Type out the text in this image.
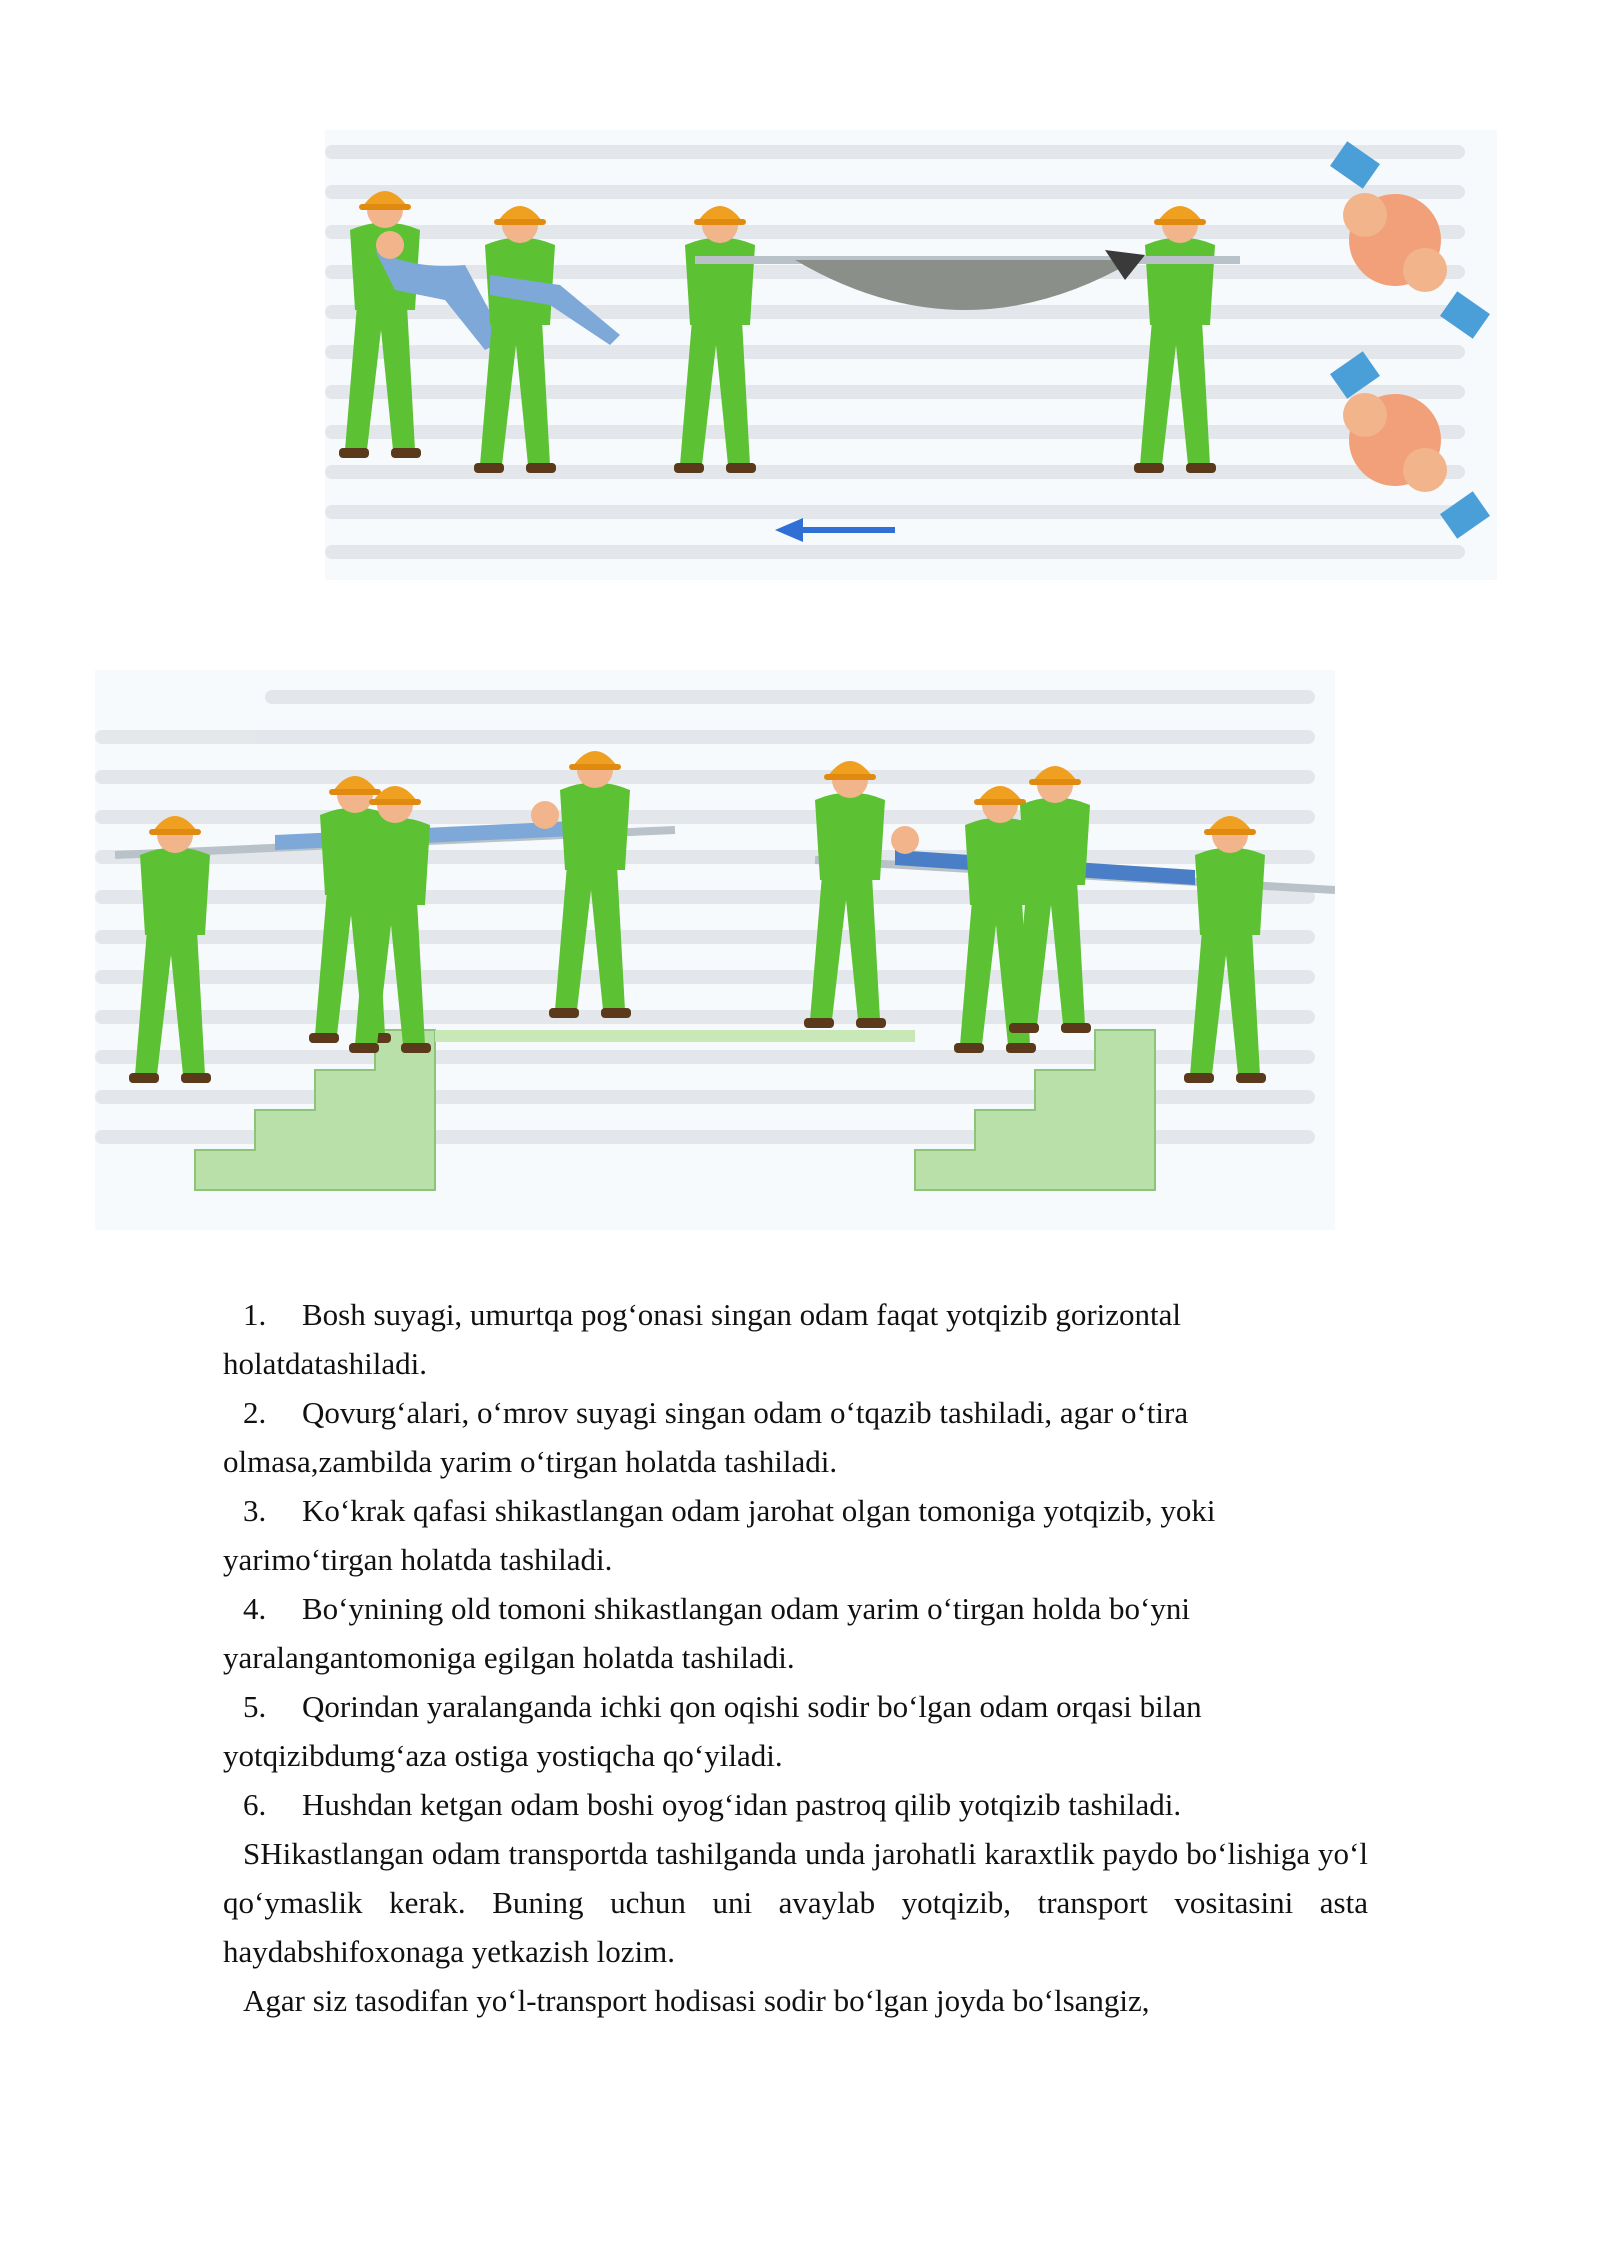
1. Bosh suyagi, umurtqa pog‘onasi singan odam faqat yotqizib gorizontal
holatdatashiladi.
2. Qovurg‘alari, o‘mrov suyagi singan odam o‘tqazib tashiladi, agar o‘tira
olmasa,zambilda yarim o‘tirgan holatda tashiladi.
3. Ko‘krak qafasi shikastlangan odam jarohat olgan tomoniga yotqizib, yoki
yarimo‘tirgan holatda tashiladi.
4. Bo‘ynining old tomoni shikastlangan odam yarim o‘tirgan holda bo‘yni
yaralangantomoniga egilgan holatda tashiladi.
5. Qorindan yaralanganda ichki qon oqishi sodir bo‘lgan odam orqasi bilan
yotqizibdumg‘aza ostiga yostiqcha qo‘yiladi.
6. Hushdan ketgan odam boshi oyog‘idan pastroq qilib yotqizib tashiladi.

SHikastlangan odam transportda tashilganda unda jarohatli karaxtlik paydo bo‘lishiga yo‘l qo‘ymaslik kerak. Buning uchun uni avaylab yotqizib, transport vositasini asta haydabshifoxonaga yetkazish lozim.

Agar siz tasodifan yo‘l-transport hodisasi sodir bo‘lgan joyda bo‘lsangiz,
